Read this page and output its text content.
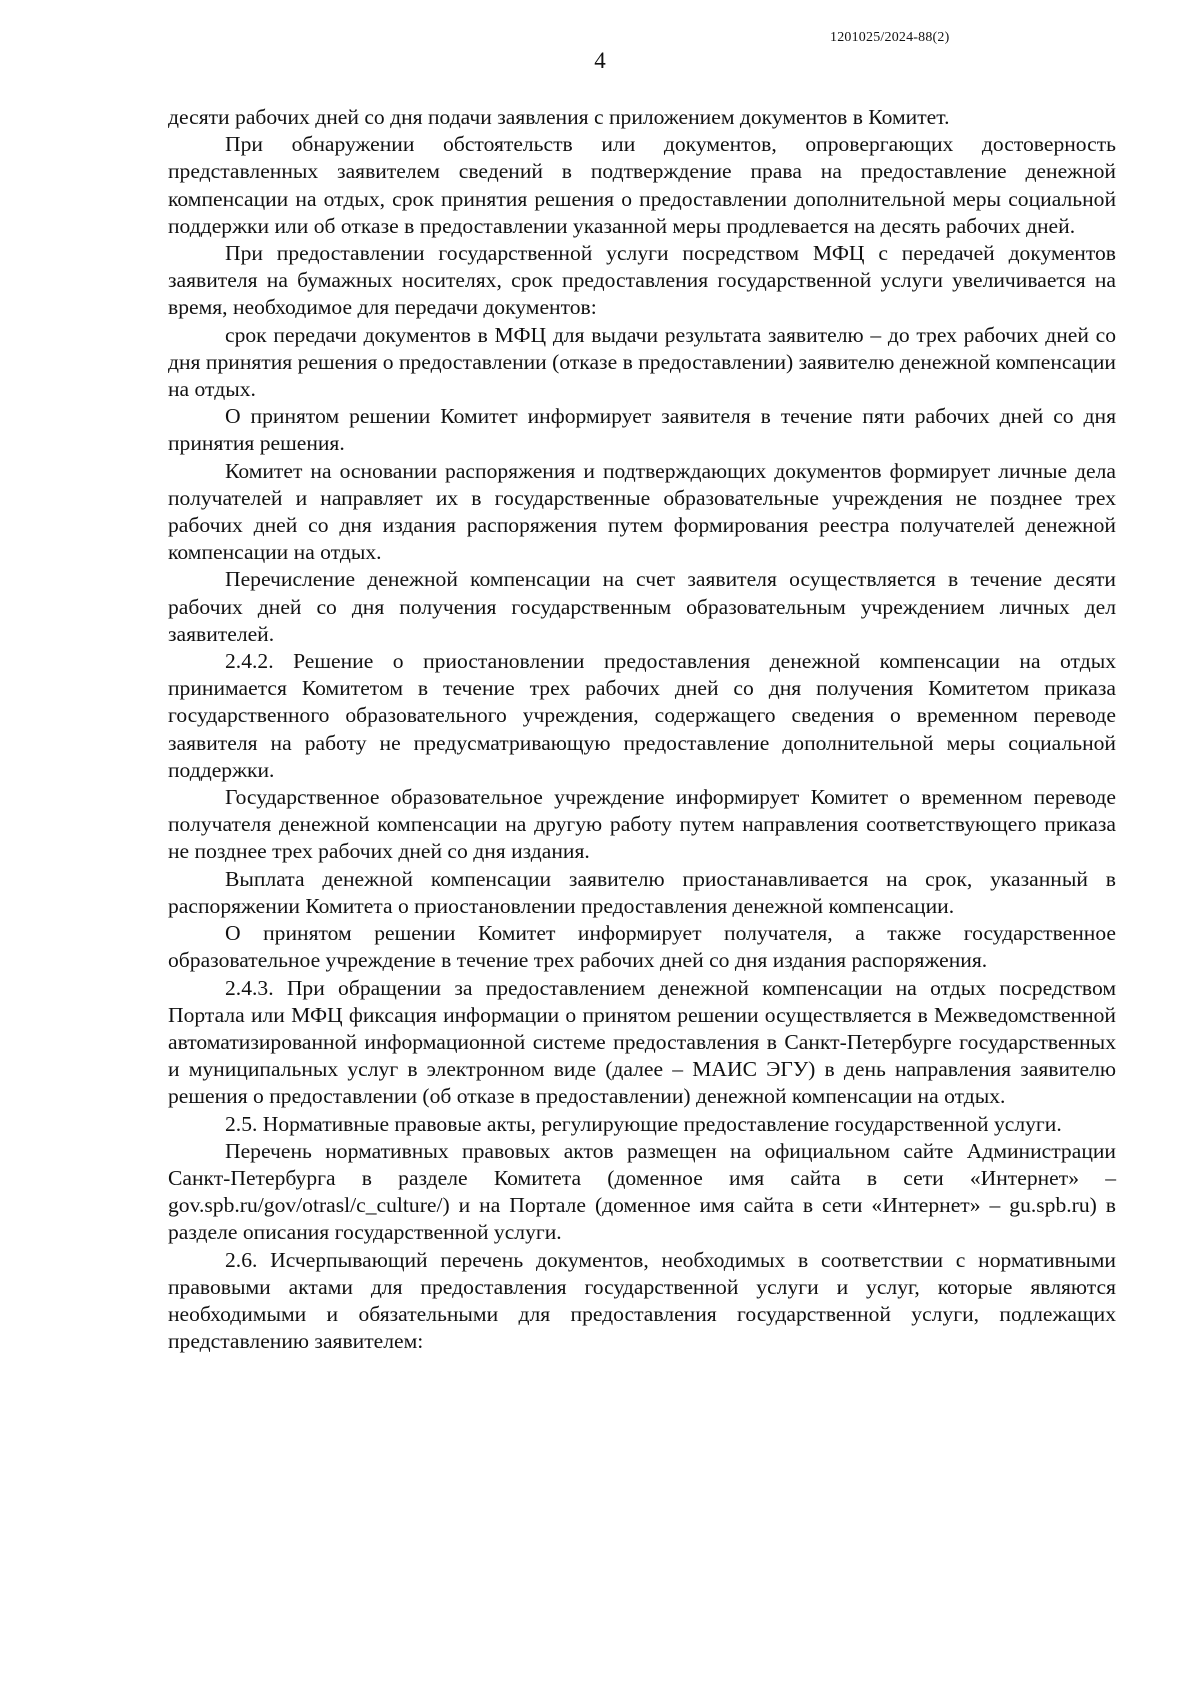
1201025/2024-88(2)
4

десяти рабочих дней со дня подачи заявления с приложением документов в Комитет.

При обнаружении обстоятельств или документов, опровергающих достоверность представленных заявителем сведений в подтверждение права на предоставление денежной компенсации на отдых, срок принятия решения о предоставлении дополнительной меры социальной поддержки или об отказе в предоставлении указанной меры продлевается на десять рабочих дней.

При предоставлении государственной услуги посредством МФЦ с передачей документов заявителя на бумажных носителях, срок предоставления государственной услуги увеличивается на время, необходимое для передачи документов:

срок передачи документов в МФЦ для выдачи результата заявителю – до трех рабочих дней со дня принятия решения о предоставлении (отказе в предоставлении) заявителю денежной компенсации на отдых.

О принятом решении Комитет информирует заявителя в течение пяти рабочих дней со дня принятия решения.

Комитет на основании распоряжения и подтверждающих документов формирует личные дела получателей и направляет их в государственные образовательные учреждения не позднее трех рабочих дней со дня издания распоряжения путем формирования реестра получателей денежной компенсации на отдых.

Перечисление денежной компенсации на счет заявителя осуществляется в течение десяти рабочих дней со дня получения государственным образовательным учреждением личных дел заявителей.

2.4.2. Решение о приостановлении предоставления денежной компенсации на отдых принимается Комитетом в течение трех рабочих дней со дня получения Комитетом приказа государственного образовательного учреждения, содержащего сведения о временном переводе заявителя на работу не предусматривающую предоставление дополнительной меры социальной поддержки.

Государственное образовательное учреждение информирует Комитет о временном переводе получателя денежной компенсации на другую работу путем направления соответствующего приказа не позднее трех рабочих дней со дня издания.

Выплата денежной компенсации заявителю приостанавливается на срок, указанный в распоряжении Комитета о приостановлении предоставления денежной компенсации.

О принятом решении Комитет информирует получателя, а также государственное образовательное учреждение в течение трех рабочих дней со дня издания распоряжения.

2.4.3. При обращении за предоставлением денежной компенсации на отдых посредством Портала или МФЦ фиксация информации о принятом решении осуществляется в Межведомственной автоматизированной информационной системе предоставления в Санкт-Петербурге государственных и муниципальных услуг в электронном виде (далее – МАИС ЭГУ) в день направления заявителю решения о предоставлении (об отказе в предоставлении) денежной компенсации на отдых.

2.5. Нормативные правовые акты, регулирующие предоставление государственной услуги.

Перечень нормативных правовых актов размещен на официальном сайте Администрации Санкт-Петербурга в разделе Комитета (доменное имя сайта в сети «Интернет» – gov.spb.ru/gov/otrasl/c_culture/) и на Портале (доменное имя сайта в сети «Интернет» – gu.spb.ru) в разделе описания государственной услуги.

2.6. Исчерпывающий перечень документов, необходимых в соответствии с нормативными правовыми актами для предоставления государственной услуги и услуг, которые являются необходимыми и обязательными для предоставления государственной услуги, подлежащих представлению заявителем:
